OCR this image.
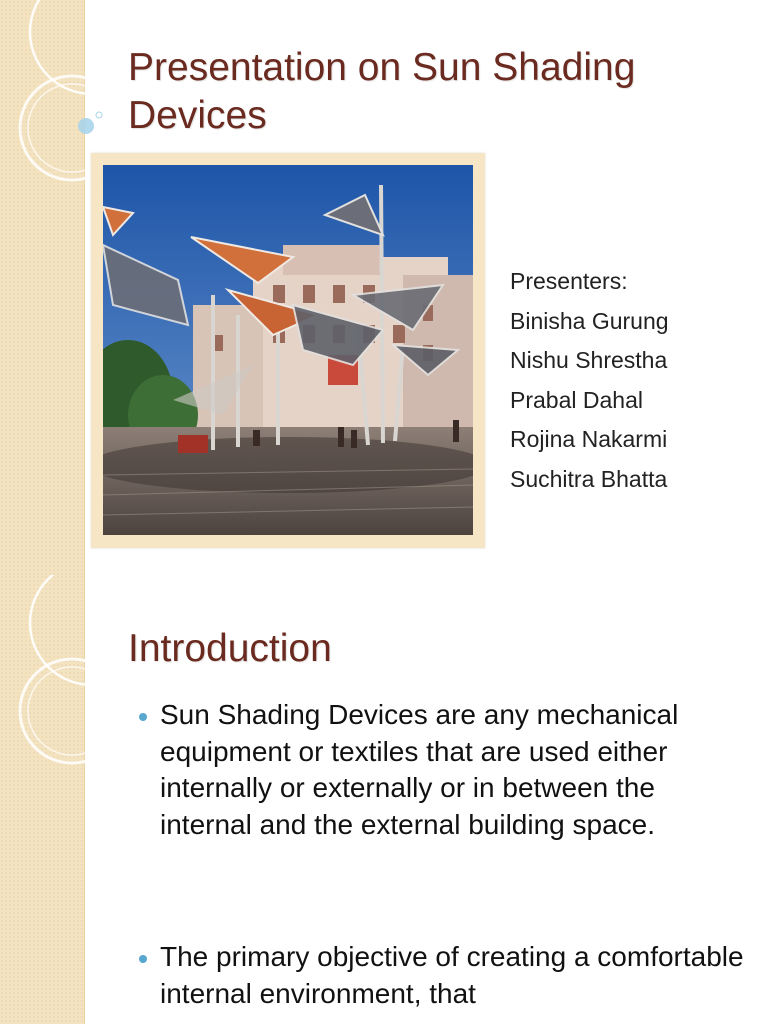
Presentation on Sun Shading Devices
Presenters:
Binisha Gurung
Nishu Shrestha
Prabal Dahal
Rojina Nakarmi
Suchitra Bhatta
Introduction
Sun Shading Devices are any mechanical equipment or textiles that are used either internally or externally or in between the internal and the external building space.
The primary objective of creating a comfortable internal environment, that
